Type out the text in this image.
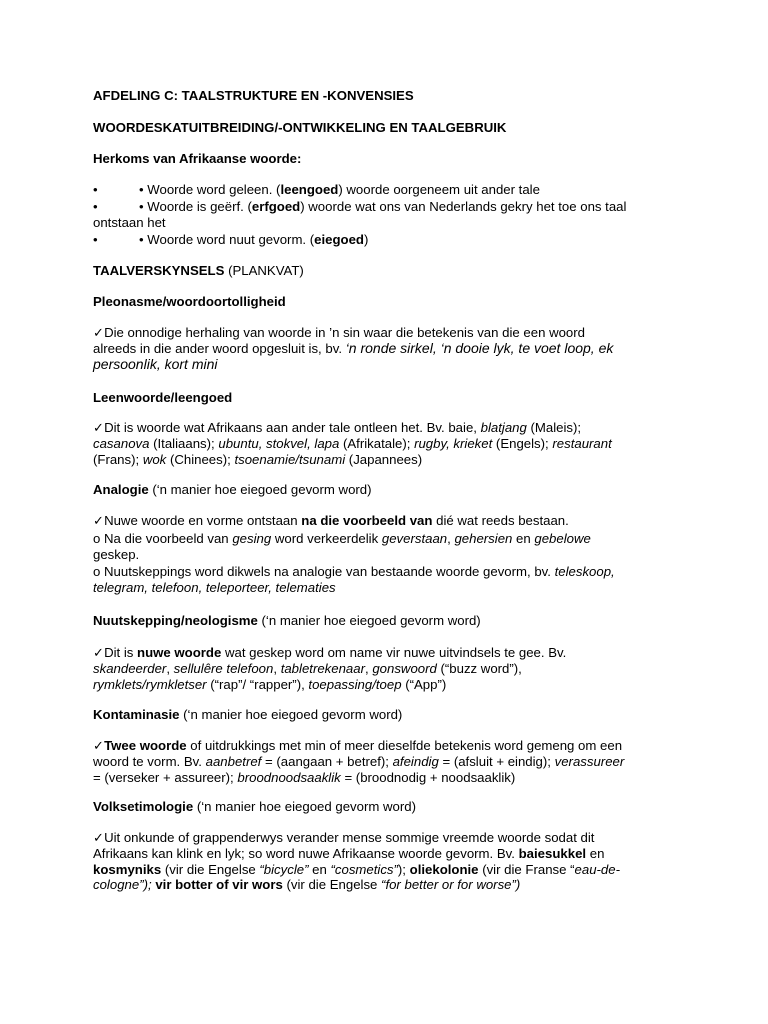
AFDELING C: TAALSTRUKTURE EN -KONVENSIES
WOORDESKATUITBREIDING/-ONTWIKKELING EN TAALGEBRUIK
Herkoms van Afrikaanse woorde:
•	• Woorde word geleen. (leengoed) woorde oorgeneem uit ander tale
•	• Woorde is geërf. (erfgoed) woorde wat ons van Nederlands gekry het toe ons taal
ontstaan het
•	• Woorde word nuut gevorm. (eiegoed)
TAALVERSKYNSELS (PLANKVAT)
Pleonasme/woordoortolligheid
✓Die onnodige herhaling van woorde in ’n sin waar die betekenis van die een woord
alreeds in die ander woord opgesluit is, bv. ‘n ronde sirkel, ‘n dooie lyk, te voet loop, ek
persoonlik, kort mini
Leenwoorde/leengoed
✓Dit is woorde wat Afrikaans aan ander tale ontleen het. Bv. baie, blatjang (Maleis);
casanova (Italiaans); ubuntu, stokvel, lapa (Afrikatale); rugby, krieket (Engels); restaurant
(Frans); wok (Chinees); tsoenamie/tsunami (Japannees)
Analogie (‘n manier hoe eiegoed gevorm word)
✓Nuwe woorde en vorme ontstaan na die voorbeeld van dié wat reeds bestaan.
o Na die voorbeeld van gesing word verkeerdelik geverstaan, gehersien en gebelowe
geskep.
o Nuutskeppings word dikwels na analogie van bestaande woorde gevorm, bv. teleskoop,
telegram, telefoon, teleporteer, telematies
Nuutskepping/neologisme (‘n manier hoe eiegoed gevorm word)
✓Dit is nuwe woorde wat geskep word om name vir nuwe uitvindsels te gee. Bv.
skandeerder, sellulêre telefoon, tabletrekenaar, gonswoord (“buzz word”),
rymklets/rymkletser (“rap”/ “rapper”), toepassing/toep (“App”)
Kontaminasie (‘n manier hoe eiegoed gevorm word)
✓Twee woorde of uitdrukkings met min of meer dieselfde betekenis word gemeng om een
woord te vorm. Bv. aanbetref = (aangaan + betref); afeindig = (afsluit + eindig); verassureer
= (verseker + assureer); broodnoodsaaklik = (broodnodig + noodsaaklik)
Volksetimologie (‘n manier hoe eiegoed gevorm word)
✓Uit onkunde of grappenderwys verander mense sommige vreemde woorde sodat dit
Afrikaans kan klink en lyk; so word nuwe Afrikaanse woorde gevorm. Bv. baiesukkel en
kosmyniks (vir die Engelse “bicycle” en “cosmetics”); oliekolonie (vir die Franse “eau-de-
cologne”); vir botter of vir wors (vir die Engelse “for better or for worse”)
